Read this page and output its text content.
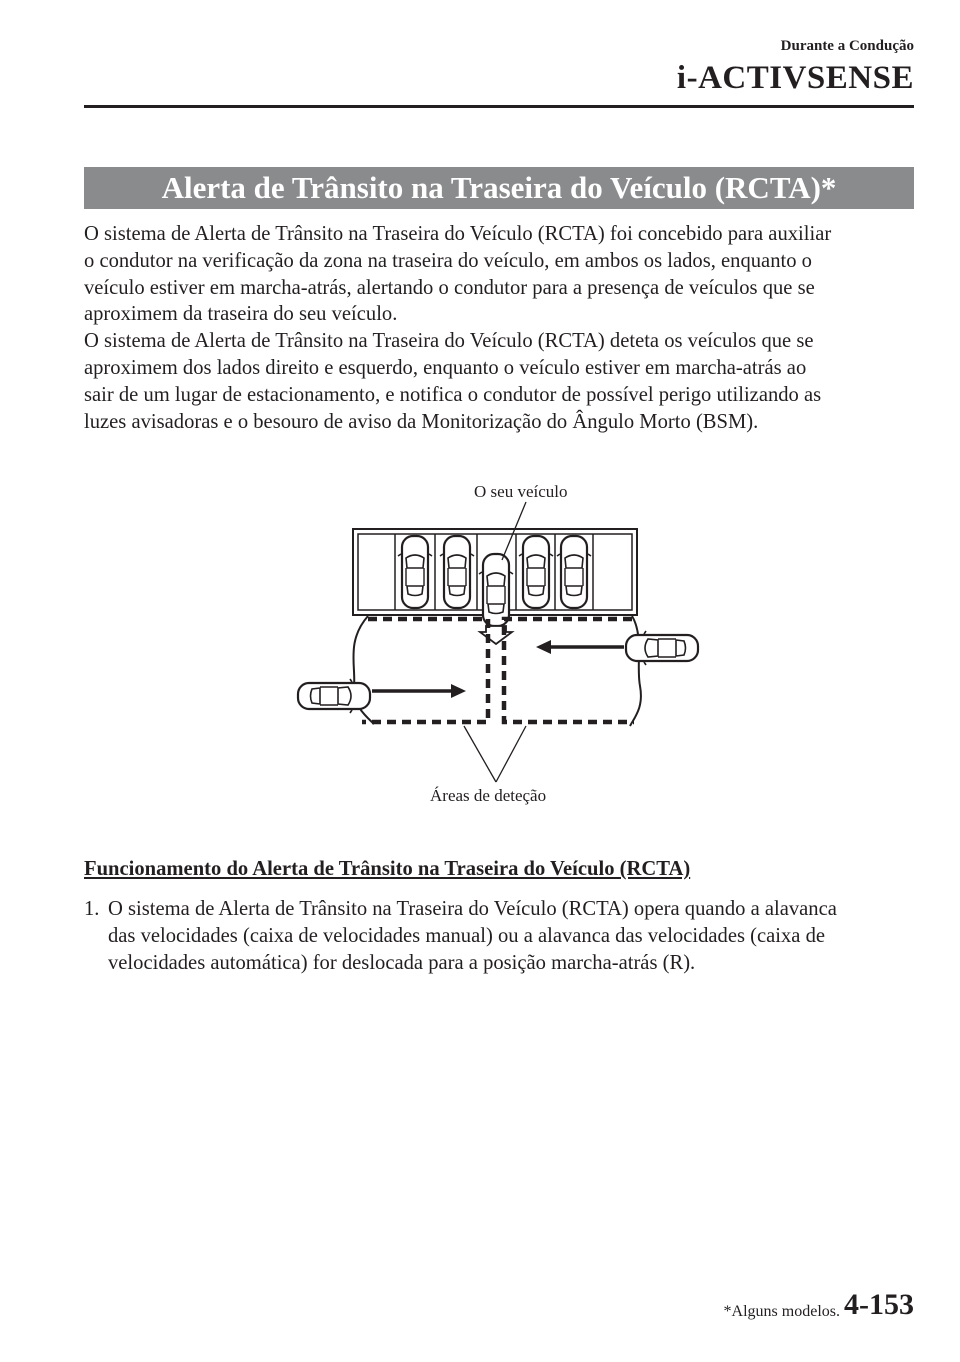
Durante a Condução
i-ACTIVSENSE
Alerta de Trânsito na Traseira do Veículo (RCTA)*
O sistema de Alerta de Trânsito na Traseira do Veículo (RCTA) foi concebido para auxiliar
o condutor na verificação da zona na traseira do veículo, em ambos os lados, enquanto o
veículo estiver em marcha-atrás, alertando o condutor para a presença de veículos que se
aproximem da traseira do seu veículo.
O sistema de Alerta de Trânsito na Traseira do Veículo (RCTA) deteta os veículos que se
aproximem dos lados direito e esquerdo, enquanto o veículo estiver em marcha-atrás ao
sair de um lugar de estacionamento, e notifica o condutor de possível perigo utilizando as
luzes avisadoras e o besouro de aviso da Monitorização do Ângulo Morto (BSM).
O seu veículo
Áreas de deteção
Funcionamento do Alerta de Trânsito na Traseira do Veículo (RCTA)
1. O sistema de Alerta de Trânsito na Traseira do Veículo (RCTA) opera quando a alavanca
das velocidades (caixa de velocidades manual) ou a alavanca das velocidades (caixa de
velocidades automática) for deslocada para a posição marcha-atrás (R).
*Alguns modelos. 4-153
